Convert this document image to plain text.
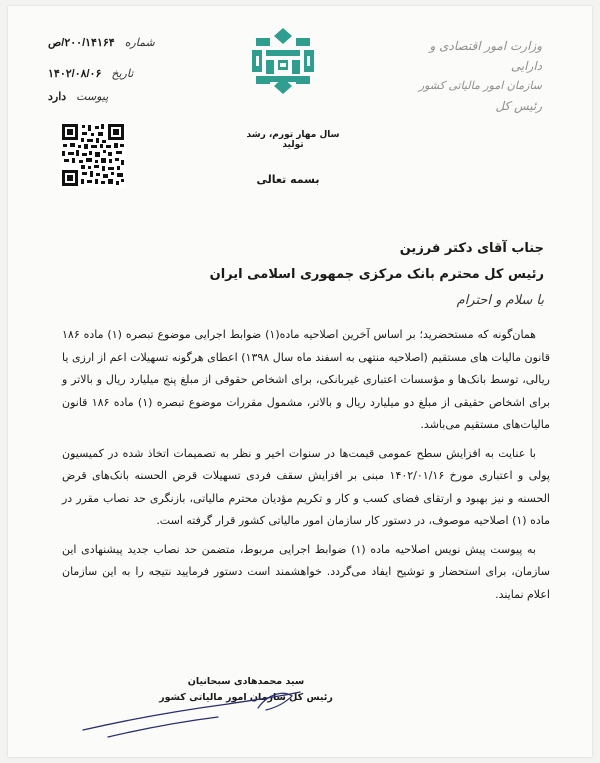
شماره
۲۰۰/۱۴۱۶۴/ص
تاریخ
۱۴۰۲/۰۸/۰۶
پیوست
دارد
سال مهار تورم، رشد تولید
بسمه تعالی
وزارت امور اقتصادی و دارایی
سازمان امور مالیاتی کشور
رئیس کل
جناب آقای دکتر فرزین
رئیس کل محترم بانک مرکزی جمهوری اسلامی ایران
با سلام و احترام

همان‌گونه که مستحضرید؛ بر اساس آخرین اصلاحیه ماده(۱) ضوابط اجرایی موضوع تبصره (۱) ماده ۱۸۶ قانون مالیات های مستقیم (اصلاحیه منتهی به اسفند ماه سال ۱۳۹۸) اعطای هرگونه تسهیلات اعم از ارزی یا ریالی، توسط بانک‌ها و مؤسسات اعتباری غیربانکی، برای اشخاص حقوقی از مبلغ پنج میلیارد ریال و بالاتر و برای اشخاص حقیقی از مبلغ دو میلیارد ریال و بالاتر، مشمول مقررات موضوع تبصره (۱) ماده ۱۸۶ قانون مالیات‌های مستقیم می‌باشد.

با عنایت به افزایش سطح عمومی قیمت‌ها در سنوات اخیر و نظر به تصمیمات اتخاذ شده در کمیسیون پولی و اعتباری مورخ ۱۴۰۲/۰۱/۱۶ مبنی بر افزایش سقف فردی تسهیلات قرض الحسنه بانک‌های قرض الحسنه و نیز بهبود و ارتقای فضای کسب و کار و تکریم مؤدیان محترم مالیاتی، بازنگری حد نصاب مقرر در ماده (۱) اصلاحیه موصوف، در دستور کار سازمان امور مالیاتی کشور قرار گرفته است.

به پیوست پیش نویس اصلاحیه ماده (۱) ضوابط اجرایی مربوط، متضمن حد نصاب جدید پیشنهادی این سازمان، برای استحضار و توشیح ایفاد می‌گردد. خواهشمند است دستور فرمایید نتیجه را به این سازمان اعلام نمایند.

سید محمدهادی سبحانیان
رئیس کل سازمان امور مالیاتی کشور
